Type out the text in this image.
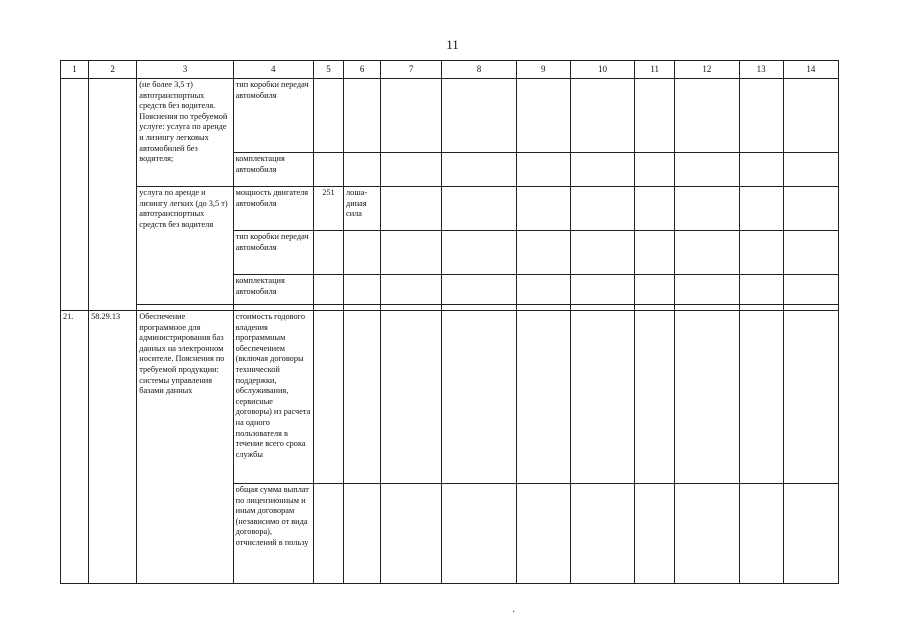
11
1	2	3	4	5	6	7	8	9	10	11	12	13	14
		(не более 3,5 т) автотранспортных средств без водителя. Пояснения по требуемой услуге: услуга по аренде и лизингу легковых автомобилей без водителя;	тип коробки передач автомобиля										
			комплектация автомобиля										
		услуга по аренде и лизингу легких (до 3,5 т) автотранспортных средств без водителя	мощность двигателя автомобиля	251	лоша-диная сила								
			тип коробки передач автомобиля										
			комплектация автомобиля										

21.	58.29.13	Обеспечение программное для администрирования баз данных на электронном носителе. Пояснения по требуемой продукции: системы управления базами данных	стоимость годового владения программным обеспечением (включая договоры технической поддержки, обслуживания, сервисные договоры) из расчета на одного пользователя в течение всего срока службы										
			общая сумма выплат по лицензионным и иным договорам (независимо от вида договора), отчислений в пользу										
·
